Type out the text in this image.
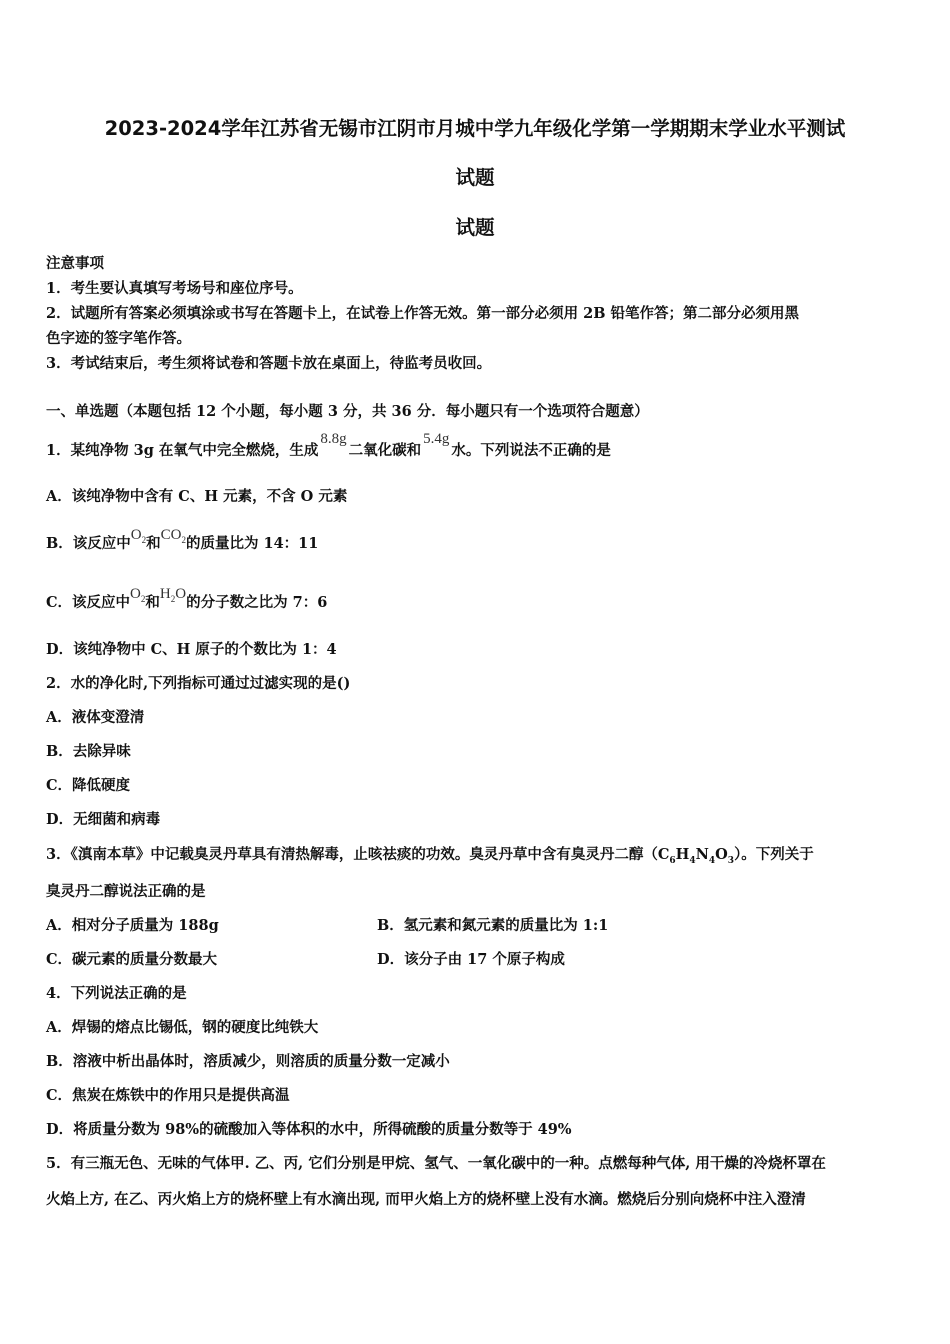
2023-2024学年江苏省无锡市江阴市月城中学九年级化学第一学期期末学业水平测试
试题
试题
注意事项
1．考生要认真填写考场号和座位序号。
2．试题所有答案必须填涂或书写在答题卡上，在试卷上作答无效。第一部分必须用 2B 铅笔作答；第二部分必须用黑
色字迹的签字笔作答。
3．考试结束后，考生须将试卷和答题卡放在桌面上，待监考员收回。
一、单选题（本题包括 12 个小题，每小题 3 分，共 36 分．每小题只有一个选项符合题意）
1．某纯净物 3g 在氧气中完全燃烧，生成8.8g二氧化碳和5.4g水。下列说法不正确的是
A．该纯净物中含有 C、H 元素，不含 O 元素
B．该反应中$O_2$和$CO_2$的质量比为 14：11
C．该反应中$O_2$和$H_2O$的分子数之比为 7：6
D．该纯净物中 C、H 原子的个数比为 1：4
2．水的净化时,下列指标可通过过滤实现的是()
A．液体变澄清
B．去除异味
C．降低硬度
D．无细菌和病毒
3．《滇南本草》中记载臭灵丹草具有清热解毒，止咳祛痰的功效。臭灵丹草中含有臭灵丹二醇$(C_6H_4N_4O_3)$。下列关于
臭灵丹二醇说法正确的是
A．相对分子质量为 188g	B．氢元素和氮元素的质量比为 1:1
C．碳元素的质量分数最大	D．该分子由 17 个原子构成
4．下列说法正确的是
A．焊锡的熔点比锡低，钢的硬度比纯铁大
B．溶液中析出晶体时，溶质减少，则溶质的质量分数一定减小
C．焦炭在炼铁中的作用只是提供高温
D．将质量分数为 98%的硫酸加入等体积的水中，所得硫酸的质量分数等于 49%
5．有三瓶无色、无味的气体甲. 乙、丙, 它们分别是甲烷、氢气、一氧化碳中的一种。点燃每种气体, 用干燥的冷烧杯罩在
火焰上方, 在乙、丙火焰上方的烧杯壁上有水滴出现, 而甲火焰上方的烧杯壁上没有水滴。燃烧后分别向烧杯中注入澄清
